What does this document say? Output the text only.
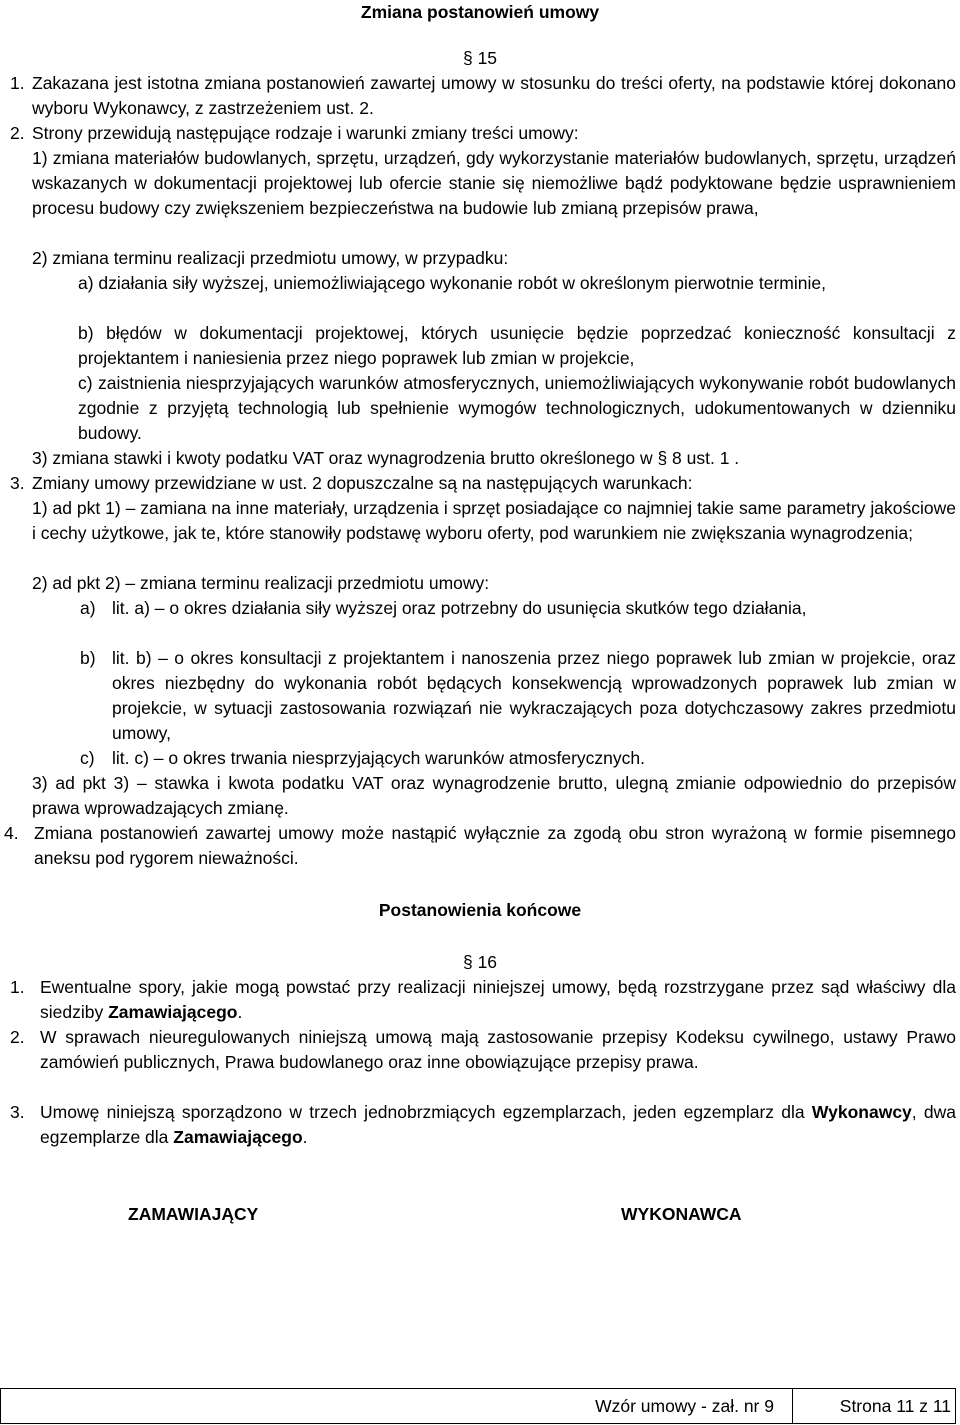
Zmiana postanowień umowy
§ 15
1. Zakazana jest istotna zmiana postanowień zawartej umowy w stosunku do treści oferty, na podstawie której dokonano wyboru Wykonawcy, z zastrzeżeniem ust. 2.
2. Strony przewidują następujące rodzaje i warunki zmiany treści umowy:
1) zmiana materiałów budowlanych, sprzętu, urządzeń, gdy wykorzystanie materiałów budowlanych, sprzętu, urządzeń wskazanych w dokumentacji projektowej lub ofercie stanie się niemożliwe bądź podyktowane będzie usprawnieniem procesu budowy czy zwiększeniem bezpieczeństwa na budowie lub zmianą przepisów prawa,
2) zmiana terminu realizacji przedmiotu umowy, w przypadku:
a) działania siły wyższej, uniemożliwiającego wykonanie robót w określonym pierwotnie terminie,
b) błędów w dokumentacji projektowej, których usunięcie będzie poprzedzać konieczność konsultacji z projektantem i naniesienia przez niego poprawek lub zmian w projekcie,
c) zaistnienia niesprzyjających warunków atmosferycznych, uniemożliwiających wykonywanie robót budowlanych zgodnie z przyjętą technologią lub spełnienie wymogów technologicznych, udokumentowanych w dzienniku budowy.
3) zmiana stawki i kwoty podatku VAT oraz wynagrodzenia brutto określonego w § 8 ust. 1 .
3. Zmiany umowy przewidziane w ust. 2 dopuszczalne są na następujących warunkach:
1) ad pkt 1) – zamiana na inne materiały, urządzenia i sprzęt posiadające co najmniej takie same parametry jakościowe i cechy użytkowe, jak te, które stanowiły podstawę wyboru oferty, pod warunkiem nie zwiększania wynagrodzenia;
2) ad pkt 2) – zmiana terminu realizacji przedmiotu umowy:
a) lit. a) – o okres działania siły wyższej oraz potrzebny do usunięcia skutków tego działania,
b) lit. b) – o okres konsultacji z projektantem i nanoszenia przez niego poprawek lub zmian w projekcie, oraz okres niezbędny do wykonania robót będących konsekwencją wprowadzonych poprawek lub zmian w projekcie, w sytuacji zastosowania rozwiązań nie wykraczających poza dotychczasowy zakres przedmiotu umowy,
c) lit. c) – o okres trwania niesprzyjających warunków atmosferycznych.
3) ad pkt 3) – stawka i kwota podatku VAT oraz wynagrodzenie brutto, ulegną zmianie odpowiednio do przepisów prawa wprowadzających zmianę.
4. Zmiana postanowień zawartej umowy może nastąpić wyłącznie za zgodą obu stron wyrażoną w formie pisemnego aneksu pod rygorem nieważności.
Postanowienia końcowe
§ 16
1. Ewentualne spory, jakie mogą powstać przy realizacji niniejszej umowy, będą rozstrzygane przez sąd właściwy dla siedziby Zamawiającego.
2. W sprawach nieuregulowanych niniejszą umową mają zastosowanie przepisy Kodeksu cywilnego, ustawy Prawo zamówień publicznych, Prawa budowlanego oraz inne obowiązujące przepisy prawa.
3. Umowę niniejszą sporządzono w trzech jednobrzmiących egzemplarzach, jeden egzemplarz dla Wykonawcy, dwa egzemplarze dla Zamawiającego.
ZAMAWIAJĄCY	WYKONAWCA
Wzór umowy - zał. nr 9	Strona 11 z 11
